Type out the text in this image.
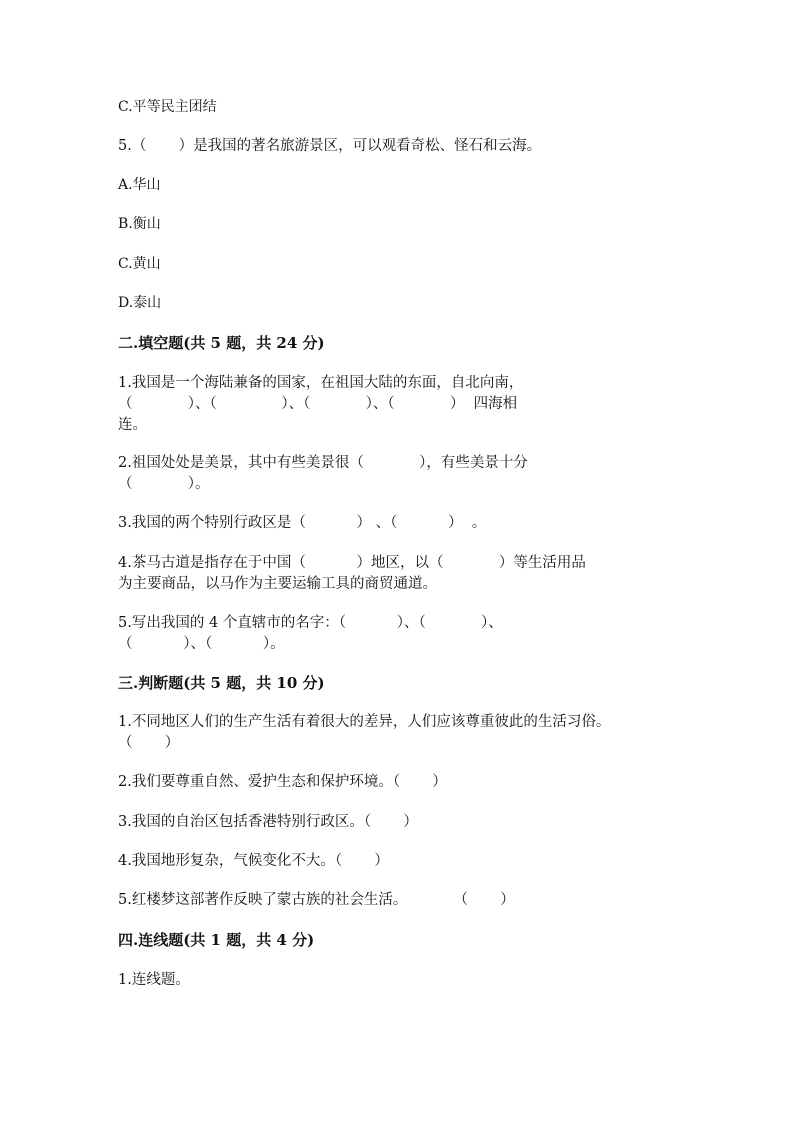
C.平等民主团结
5.（       ）是我国的著名旅游景区，可以观看奇松、怪石和云海。
A.华山
B.衡山
C.黄山
D.泰山
二.填空题(共 5 题，共 24 分)
1.我国是一个海陆兼备的国家，在祖国大陆的东面，自北向南，
（            ）、（              ）、（            ）、（            ）  四海相
连。
2.祖国处处是美景，其中有些美景很（            ），有些美景十分
（            ）。
3.我国的两个特别行政区是（           ） 、（           ）  。
4.茶马古道是指存在于中国（           ）地区，以（            ）等生活用品
为主要商品，以马作为主要运输工具的商贸通道。
5.写出我国的 4 个直辖市的名字：（           ）、（            ）、
（           ）、（           ）。
三.判断题(共 5 题，共 10 分)
1.不同地区人们的生产生活有着很大的差异，人们应该尊重彼此的生活习俗。
（       ）
2.我们要尊重自然、爱护生态和保护环境。（       ）
3.我国的自治区包括香港特别行政区。（       ）
4.我国地形复杂，气候变化不大。（       ）
5.红楼梦这部著作反映了蒙古族的社会生活。          （       ）
四.连线题(共 1 题，共 4 分)
1.连线题。
